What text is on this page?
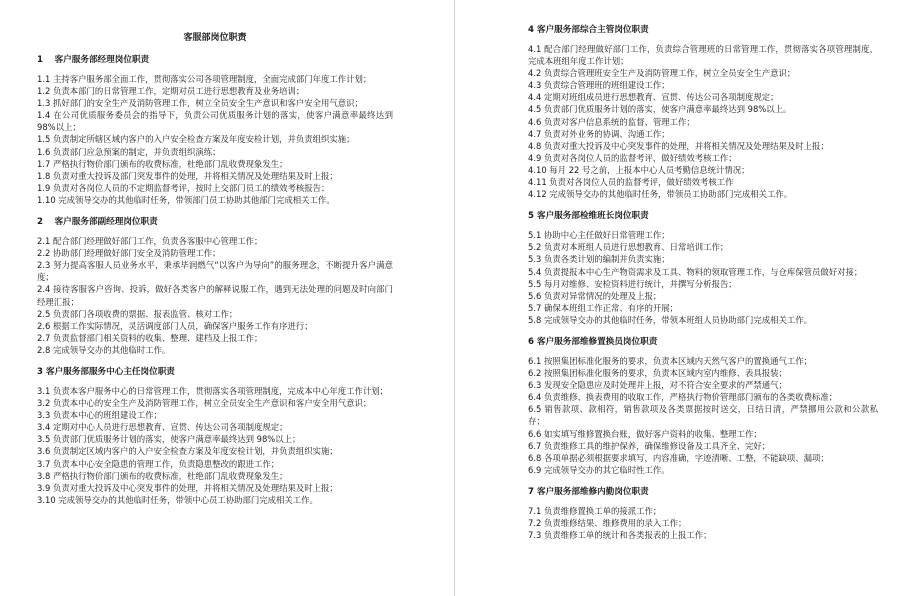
客服部岗位职责
1　 客户服务部经理岗位职责
1.1 主持客户服务部全面工作，贯彻落实公司各项管理制度，全面完成部门年度工作计划；
1.2 负责本部门的日常管理工作，定期对员工进行思想教育及业务培训；
1.3 抓好部门的安全生产及消防管理工作，树立全员安全生产意识和客户安全用气意识；
1.4 在公司优质服务委员会的指导下，负责公司优质服务计划的落实，使客户满意率最终达到 98%以上；
1.5 负责制定所辖区域内客户的入户安全检查方案及年度安检计划，并负责组织实施；
1.6 负责部门应急预案的制定，并负责组织演练；
1.7 严格执行物价部门颁布的收费标准，杜绝部门乱收费现象发生；
1.8 负责对重大投诉及部门突发事件的处理，并将相关情况及处理结果及时上报；
1.9 负责对各岗位人员的不定期监督考评，按时上交部门员工的绩效考核报告；
1.10 完成领导交办的其他临时任务，带领部门员工协助其他部门完成相关工作。
2　 客户服务部副经理岗位职责
2.1 配合部门经理做好部门工作，负责各客服中心管理工作；
2.2 协助部门经理做好部门安全及消防管理工作；
2.3 努力提高客服人员业务水平，秉承毕润燃气“以客户为导向”的服务理念，不断提升客户满意度；
2.4 接待客服客户咨询、投诉，做好各类客户的解释说服工作，遇到无法处理的问题及时向部门经理汇报；
2.5 负责部门各项收费的票据、报表监管、核对工作；
2.6 根据工作实际情况，灵活调度部门人员，确保客户服务工作有序进行；
2.7 负责监督部门相关资料的收集、整理、建档及上报工作；
2.8 完成领导交办的其他临时工作。
3 客户服务部服务中心主任岗位职责
3.1 负责本客户服务中心的日常管理工作，贯彻落实各项管理制度，完成本中心年度工作计划；
3.2 负责本中心的安全生产及消防管理工作，树立全员安全生产意识和客户安全用气意识；
3.3 负责本中心的班组建设工作；
3.4 定期对中心人员进行思想教育、宣贯、传达公司各项制度规定；
3.5 负责部门优质服务计划的落实，使客户满意率最终达到 98%以上；
3.6 负责制定区域内客户的入户安全检查方案及年度安检计划，并负责组织实施；
3.7 负责本中心安全隐患的管理工作，负责隐患整改的跟进工作；
3.8 严格执行物价部门颁布的收费标准，杜绝部门乱收费现象发生；
3.9 负责对重大投诉及中心突发事件的处理，并将相关情况及处理结果及时上报；
3.10 完成领导交办的其他临时任务，带领中心员工协助部门完成相关工作。
4 客户服务部综合主管岗位职责
4.1 配合部门经理做好部门工作，负责综合管理班的日常管理工作，贯彻落实各项管理制度，完成本班组年度工作计划；
4.2 负责综合管理班安全生产及消防管理工作，树立全员安全生产意识；
4.3 负责综合管理班的班组建设工作；
4.4 定期对班组成员进行思想教育、宣贯、传达公司各项制度规定；
4.5 负责部门优质服务计划的落实，使客户满意率最终达到 98%以上。
4.6 负责对客户信息系统的监督、管理工作；
4.7 负责对外业务的协调、沟通工作；
4.8 负责对重大投诉及中心突发事件的处理，并将相关情况及处理结果及时上报；
4.9 负责对各岗位人员的监督考评，做好绩效考核工作；
4.10 每月 22 号之前，上报本中心人员考勤信息统计情况；
4.11 负责对各岗位人员的监督考评，做好绩效考核工作
4.12 完成领导交办的其他临时任务，带领员工协助部门完成相关工作。
5 客户服务部检维班长岗位职责
5.1 协助中心主任做好日常管理工作；
5.2 负责对本班组人员进行思想教育、日常培训工作；
5.3 负责各类计划的编制并负责实施；
5.4 负责提报本中心生产物资需求及工具、物料的领取管理工作，与仓库保管员做好对接；
5.5 每月对维修、安检资料进行统计，并撰写分析报告；
5.6 负责对异常情况的处理及上报；
5.7 确保本班组工作正常、有序的开展；
5.8 完成领导交办的其他临时任务，带领本班组人员协助部门完成相关工作。
6 客户服务部维修置换员岗位职责
6.1 按照集团标准化服务的要求，负责本区域内天然气客户的置换通气工作；
6.2 按照集团标准化服务的要求，负责本区域内室内维修、表具报装；
6.3 发现安全隐患应及时处理并上报，对不符合安全要求的严禁通气；
6.4 负责维修、换表费用的收取工作，严格执行物价管理部门颁布的各类收费标准；
6.5 销售款项、款相符，销售款项及各类票据按时送交，日结日清，严禁挪用公款和公款私存；
6.6 如实填写维修置换台账，做好客户资料的收集、整理工作；
6.7 负责维修工具的维护保养，确保维修设备及工具齐全、完好；
6.8 各项单据必须根据要求填写，内容准确，字迹清晰、工整，不能缺项、漏项；
6.9 完成领导交办的其它临时性工作。
7 客户服务部维修内勤岗位职责
7.1 负责维修置换工单的接派工作；
7.2 负责维修结果、维修费用的录入工作；
7.3 负责维修工单的统计和各类报表的上报工作；
